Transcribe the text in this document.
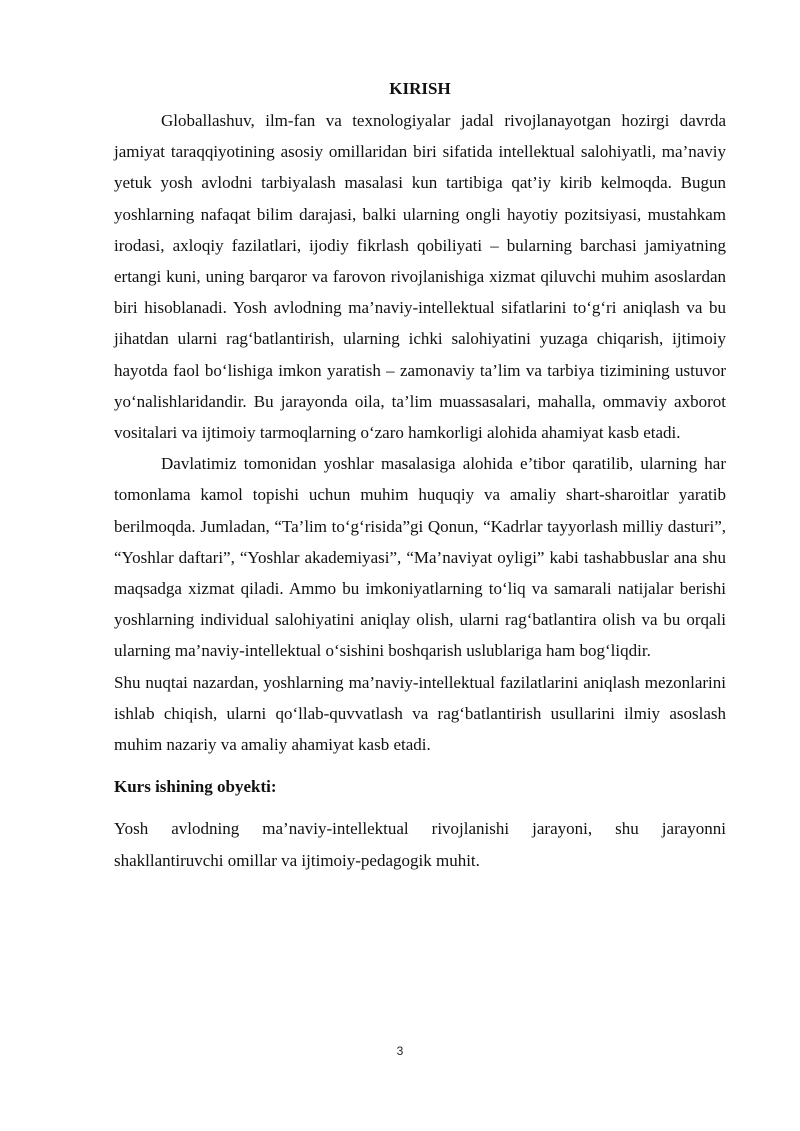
KIRISH

Globallashuv, ilm-fan va texnologiyalar jadal rivojlanayotgan hozirgi davrda jamiyat taraqqiyotining asosiy omillaridan biri sifatida intellektual salohiyatli, ma’naviy yetuk yosh avlodni tarbiyalash masalasi kun tartibiga qat’iy kirib kelmoqda. Bugun yoshlarning nafaqat bilim darajasi, balki ularning ongli hayotiy pozitsiyasi, mustahkam irodasi, axloqiy fazilatlari, ijodiy fikrlash qobiliyati – bularning barchasi jamiyatning ertangi kuni, uning barqaror va farovon rivojlanishiga xizmat qiluvchi muhim asoslardan biri hisoblanadi. Yosh avlodning ma’naviy-intellektual sifatlarini to‘g‘ri aniqlash va bu jihatdan ularni rag‘batlantirish, ularning ichki salohiyatini yuzaga chiqarish, ijtimoiy hayotda faol bo‘lishiga imkon yaratish – zamonaviy ta’lim va tarbiya tizimining ustuvor yo‘nalishlaridandir. Bu jarayonda oila, ta’lim muassasalari, mahalla, ommaviy axborot vositalari va ijtimoiy tarmoqlarning o‘zaro hamkorligi alohida ahamiyat kasb etadi.

Davlatimiz tomonidan yoshlar masalasiga alohida e’tibor qaratilib, ularning har tomonlama kamol topishi uchun muhim huquqiy va amaliy shart-sharoitlar yaratib berilmoqda. Jumladan, “Ta’lim to‘g‘risida”gi Qonun, “Kadrlar tayyorlash milliy dasturi”, “Yoshlar daftari”, “Yoshlar akademiyasi”, “Ma’naviyat oyligi” kabi tashabbuslar ana shu maqsadga xizmat qiladi. Ammo bu imkoniyatlarning to‘liq va samarali natijalar berishi yoshlarning individual salohiyatini aniqlay olish, ularni rag‘batlantira olish va bu orqali ularning ma’naviy-intellektual o‘sishini boshqarish uslublariga ham bog‘liqdir.

Shu nuqtai nazardan, yoshlarning ma’naviy-intellektual fazilatlarini aniqlash mezonlarini ishlab chiqish, ularni qo‘llab-quvvatlash va rag‘batlantirish usullarini ilmiy asoslash muhim nazariy va amaliy ahamiyat kasb etadi.

Kurs ishining obyekti:

Yosh avlodning ma’naviy-intellektual rivojlanishi jarayoni, shu jarayonni shakllantiruvchi omillar va ijtimoiy-pedagogik muhit.

3
